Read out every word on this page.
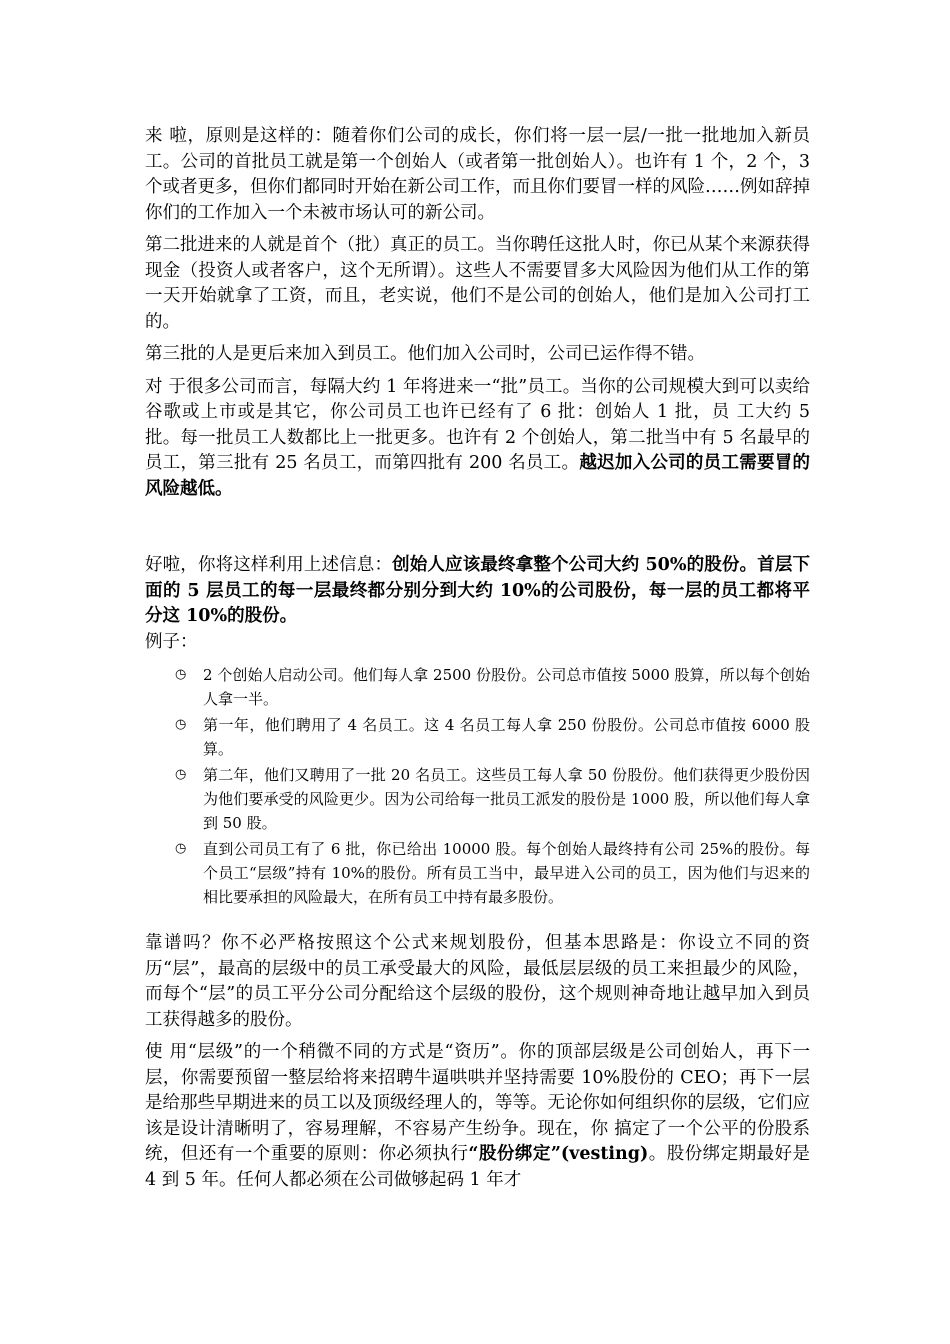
来 啦，原则是这样的：随着你们公司的成长，你们将一层一层/一批一批地加入新员工。公司的首批员工就是第一个创始人（或者第一批创始人）。也许有 1 个，2 个，3 个或者更多，但你们都同时开始在新公司工作，而且你们要冒一样的风险……例如辞掉你们的工作加入一个未被市场认可的新公司。

第二批进来的人就是首个（批）真正的员工。当你聘任这批人时，你已从某个来源获得现金（投资人或者客户，这个无所谓）。这些人不需要冒多大风险因为他们从工作的第一天开始就拿了工资，而且，老实说，他们不是公司的创始人，他们是加入公司打工的。

第三批的人是更后来加入到员工。他们加入公司时，公司已运作得不错。

对 于很多公司而言，每隔大约 1 年将进来一“批”员工。当你的公司规模大到可以卖给谷歌或上市或是其它，你公司员工也许已经有了 6 批：创始人 1 批，员 工大约 5 批。每一批员工人数都比上一批更多。也许有 2 个创始人，第二批当中有 5 名最早的员工，第三批有 25 名员工，而第四批有 200 名员工。越迟加入公司的员工需要冒的风险越低。

好啦，你将这样利用上述信息：创始人应该最终拿整个公司大约 50%的股份。首层下面的 5 层员工的每一层最终都分别分到大约 10%的公司股份，每一层的员工都将平分这 10%的股份。

例子：

◷ 2 个创始人启动公司。他们每人拿 2500 份股份。公司总市值按 5000 股算，所以每个创始人拿一半。
◷ 第一年，他们聘用了 4 名员工。这 4 名员工每人拿 250 份股份。公司总市值按 6000 股算。
◷ 第二年，他们又聘用了一批 20 名员工。这些员工每人拿 50 份股份。他们获得更少股份因为他们要承受的风险更少。因为公司给每一批员工派发的股份是 1000 股，所以他们每人拿到 50 股。
◷ 直到公司员工有了 6 批，你已给出 10000 股。每个创始人最终持有公司 25%的股份。每个员工“层级”持有 10%的股份。所有员工当中，最早进入公司的员工，因为他们与迟来的相比要承担的风险最大，在所有员工中持有最多股份。

靠谱吗？你不必严格按照这个公式来规划股份，但基本思路是：你设立不同的资历“层”，最高的层级中的员工承受最大的风险，最低层层级的员工来担最少的风险，而每个“层”的员工平分公司分配给这个层级的股份，这个规则神奇地让越早加入到员工获得越多的股份。

使 用“层级”的一个稍微不同的方式是“资历”。你的顶部层级是公司创始人，再下一层，你需要预留一整层给将来招聘牛逼哄哄并坚持需要 10%股份的 CEO；再下一层是给那些早期进来的员工以及顶级经理人的，等等。无论你如何组织你的层级，它们应该是设计清晰明了，容易理解，不容易产生纷争。现在，你 搞定了一个公平的份股系统，但还有一个重要的原则：你必须执行“股份绑定”(vesting)。股份绑定期最好是 4 到 5 年。任何人都必须在公司做够起码 1 年才
